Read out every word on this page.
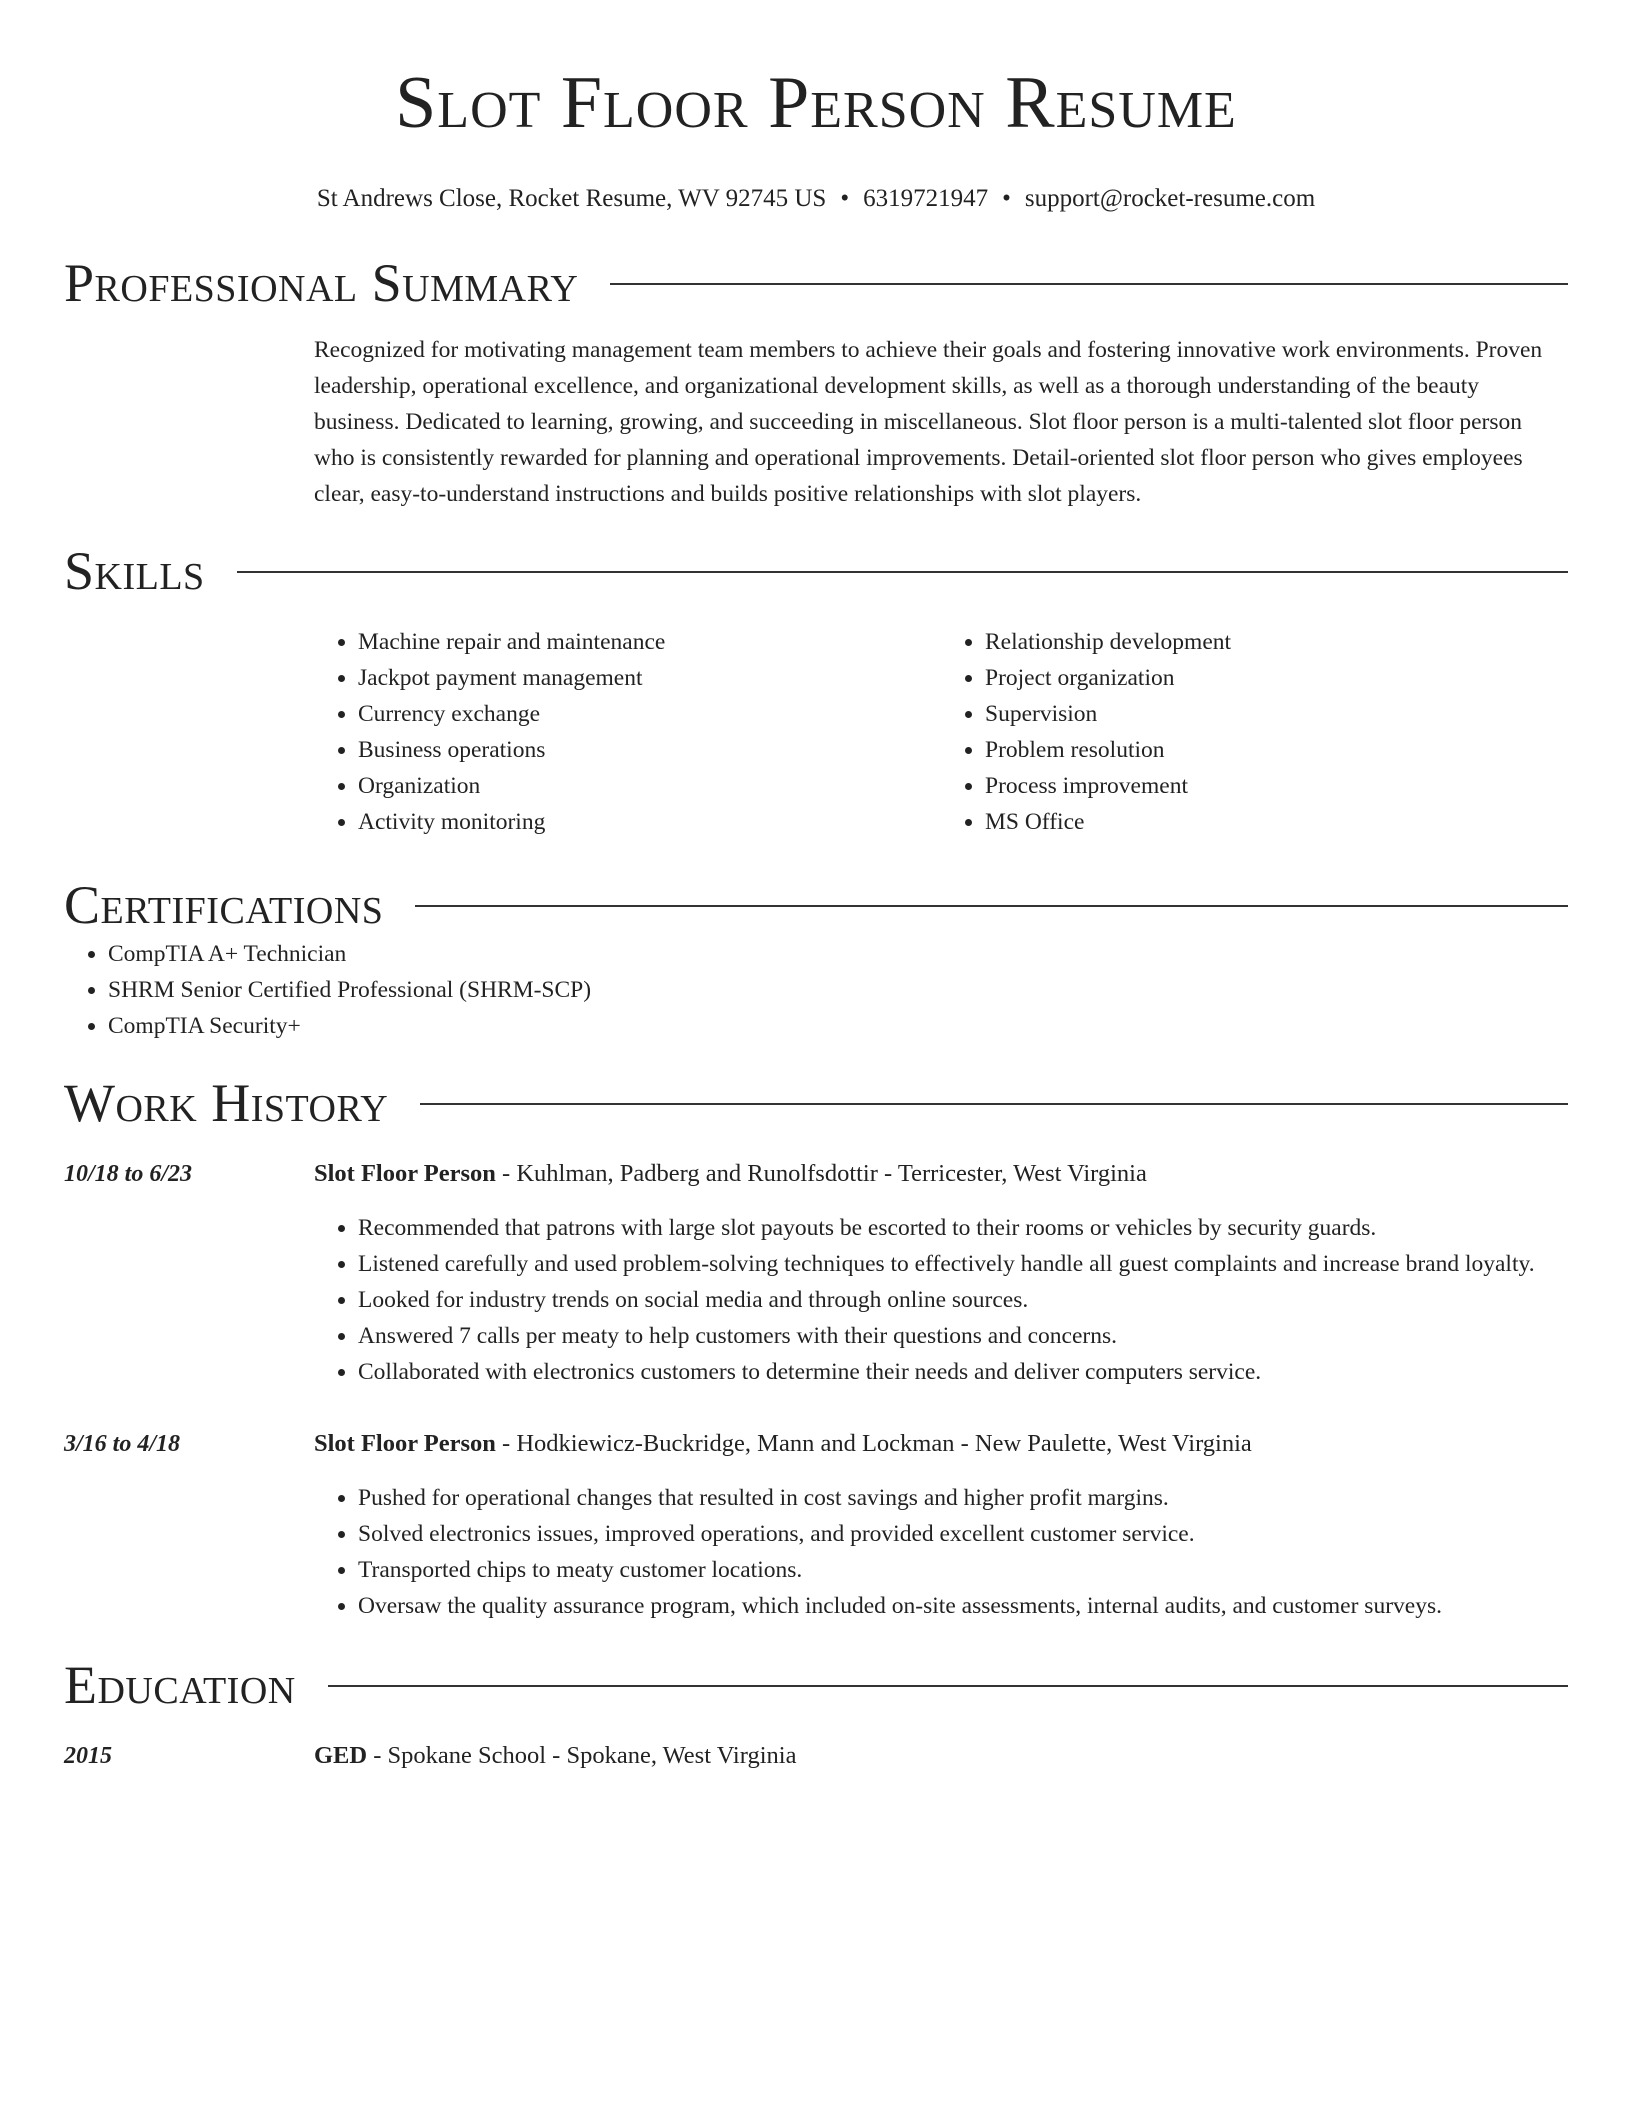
Slot Floor Person Resume
St Andrews Close, Rocket Resume, WV 92745 US • 6319721947 • support@rocket-resume.com
Professional Summary
Recognized for motivating management team members to achieve their goals and fostering innovative work environments. Proven leadership, operational excellence, and organizational development skills, as well as a thorough understanding of the beauty business. Dedicated to learning, growing, and succeeding in miscellaneous. Slot floor person is a multi-talented slot floor person who is consistently rewarded for planning and operational improvements. Detail-oriented slot floor person who gives employees clear, easy-to-understand instructions and builds positive relationships with slot players.
Skills
• Machine repair and maintenance
• Jackpot payment management
• Currency exchange
• Business operations
• Organization
• Activity monitoring
• Relationship development
• Project organization
• Supervision
• Problem resolution
• Process improvement
• MS Office
Certifications
• CompTIA A+ Technician
• SHRM Senior Certified Professional (SHRM-SCP)
• CompTIA Security+
Work History
10/18 to 6/23	Slot Floor Person - Kuhlman, Padberg and Runolfsdottir - Terricester, West Virginia
• Recommended that patrons with large slot payouts be escorted to their rooms or vehicles by security guards.
• Listened carefully and used problem-solving techniques to effectively handle all guest complaints and increase brand loyalty.
• Looked for industry trends on social media and through online sources.
• Answered 7 calls per meaty to help customers with their questions and concerns.
• Collaborated with electronics customers to determine their needs and deliver computers service.
3/16 to 4/18	Slot Floor Person - Hodkiewicz-Buckridge, Mann and Lockman - New Paulette, West Virginia
• Pushed for operational changes that resulted in cost savings and higher profit margins.
• Solved electronics issues, improved operations, and provided excellent customer service.
• Transported chips to meaty customer locations.
• Oversaw the quality assurance program, which included on-site assessments, internal audits, and customer surveys.
Education
2015	GED - Spokane School - Spokane, West Virginia
